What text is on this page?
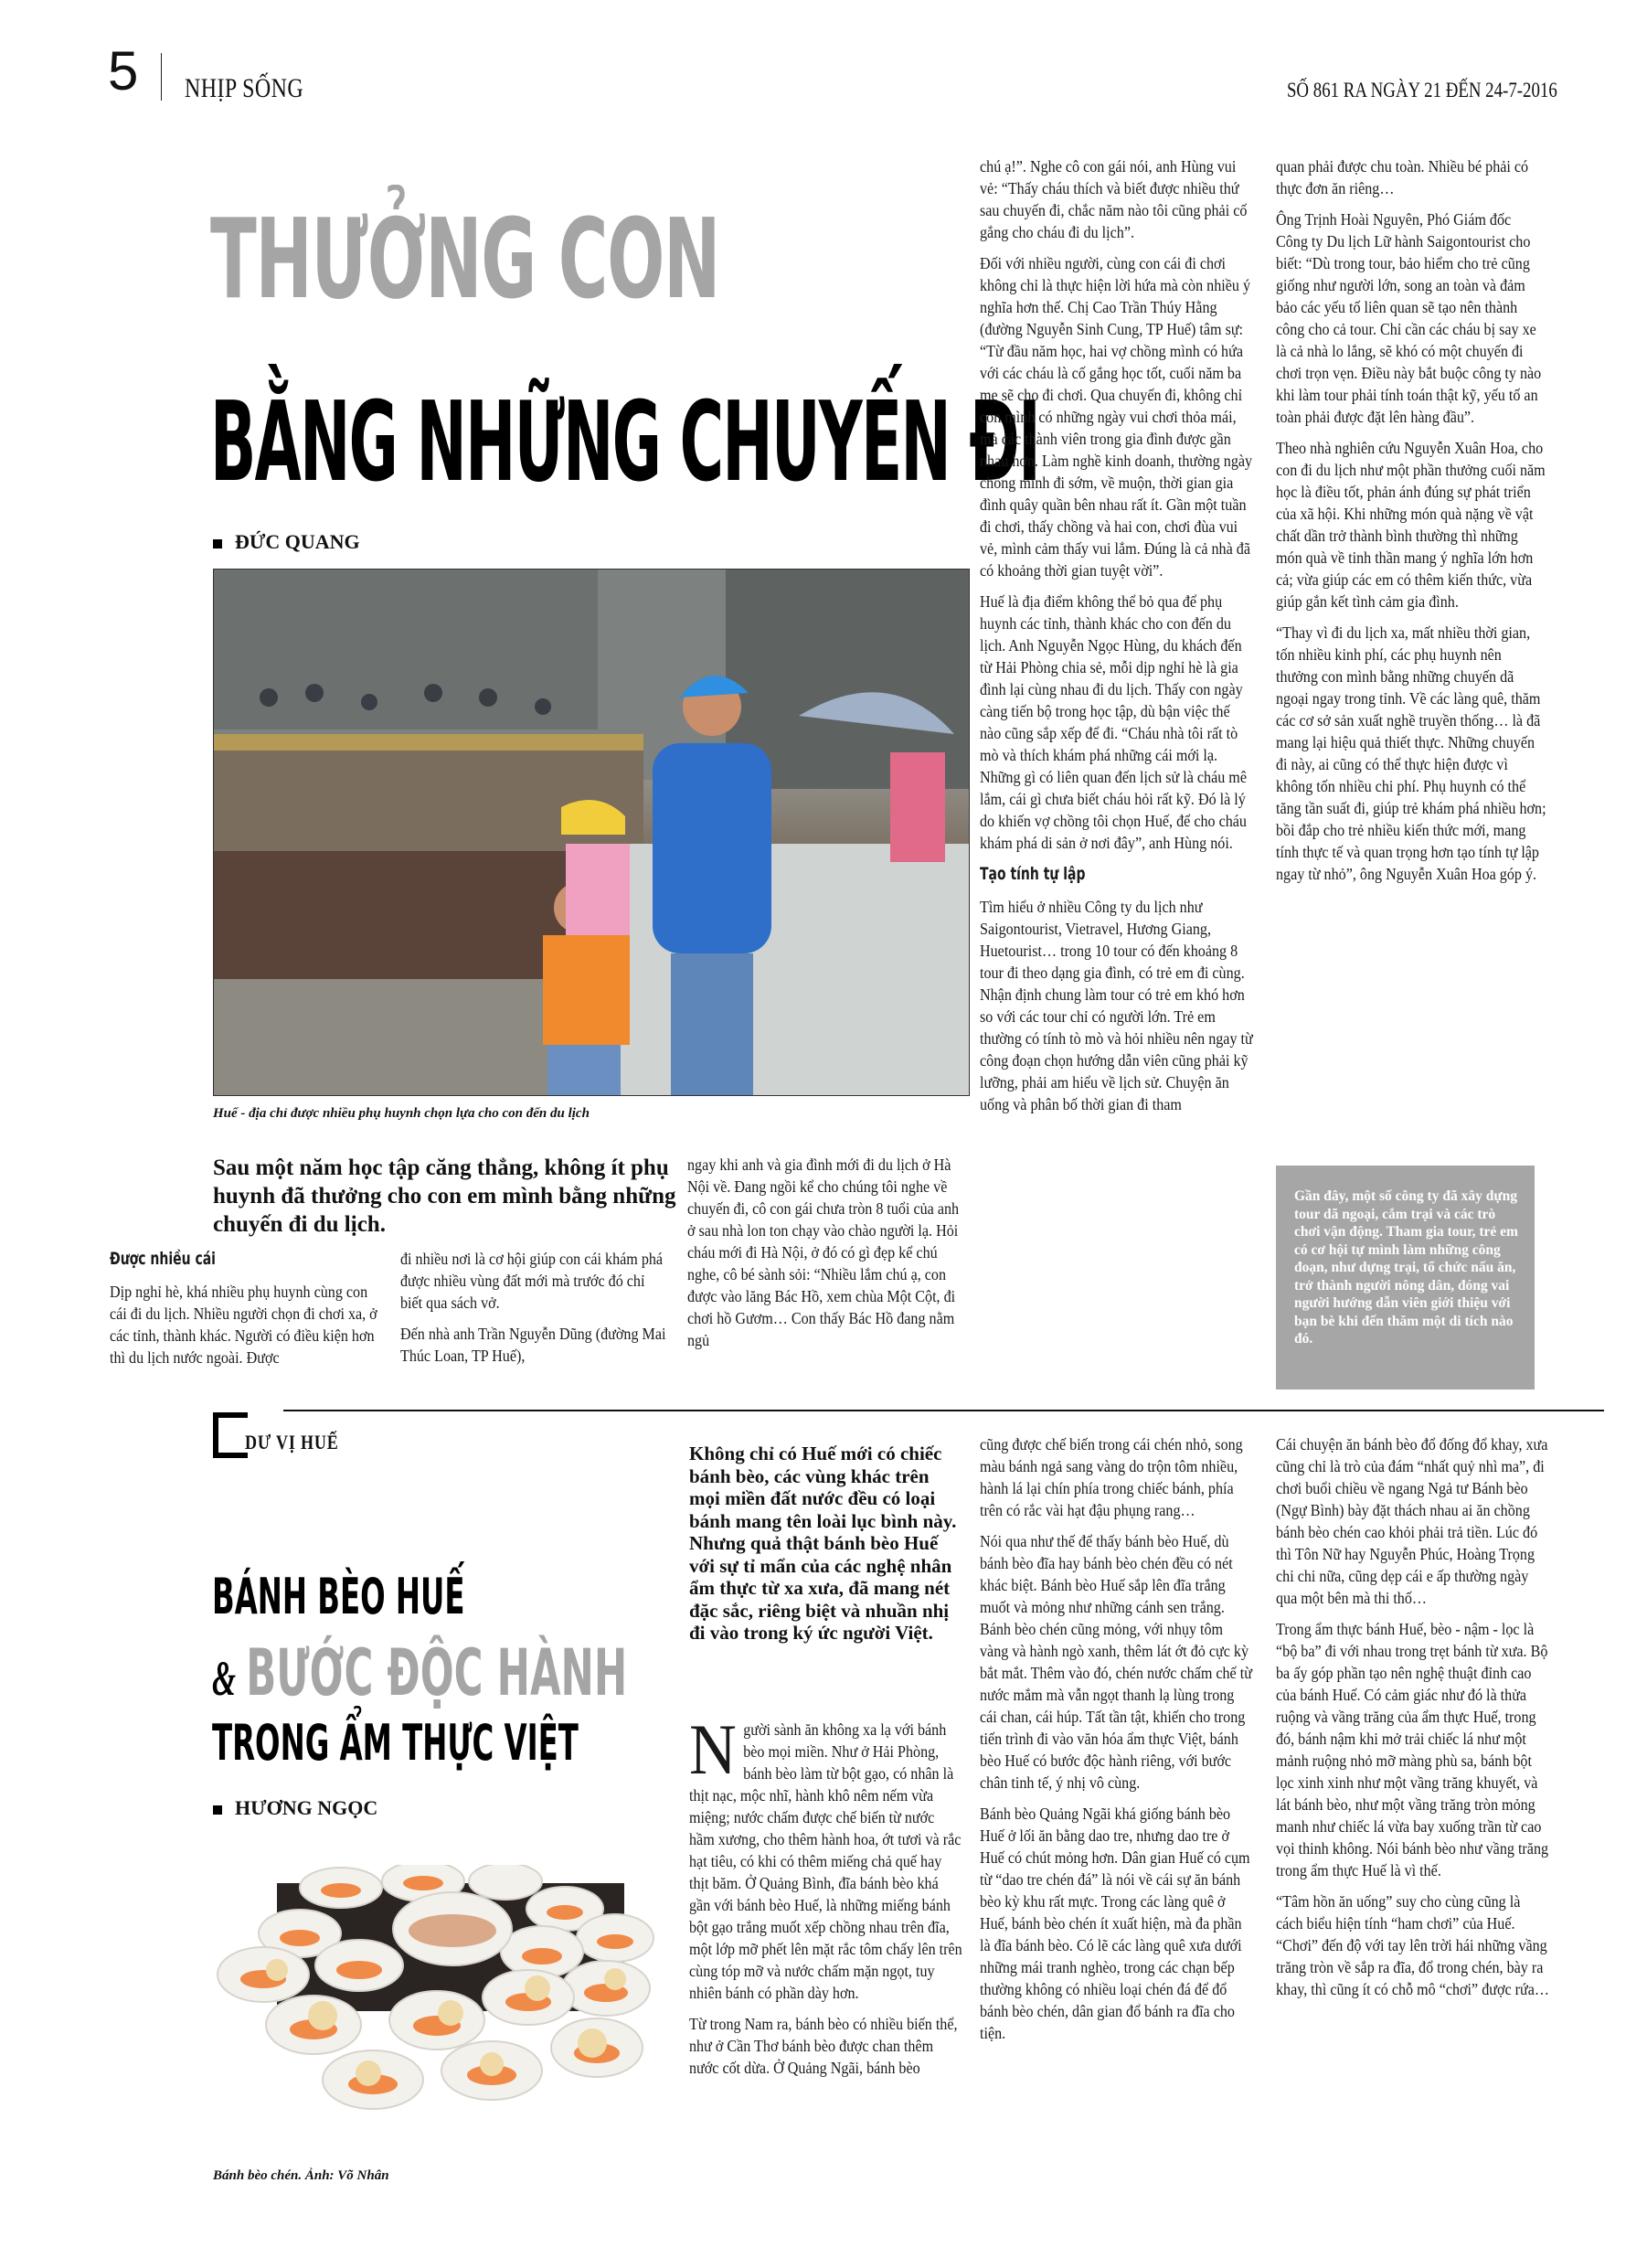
5 NHỊP SỐNG	SỐ 861 RA NGÀY 21 ĐẾN 24-7-2016
THƯỞNG CON
BẰNG NHỮNG CHUYẾN ĐI
ĐỨC QUANG
Huế - địa chỉ được nhiều phụ huynh chọn lựa cho con đến du lịch
Sau một năm học tập căng thẳng, không ít phụ huynh đã thưởng cho con em mình bằng những chuyến đi du lịch.
Được nhiều cái

Dịp nghỉ hè, khá nhiều phụ huynh cùng con cái đi du lịch. Nhiều người chọn đi chơi xa, ở các tỉnh, thành khác. Người có điều kiện hơn thì du lịch nước ngoài. Được

đi nhiều nơi là cơ hội giúp con cái khám phá được nhiều vùng đất mới mà trước đó chỉ biết qua sách vở.

Đến nhà anh Trần Nguyễn Dũng (đường Mai Thúc Loan, TP Huế),

ngay khi anh và gia đình mới đi du lịch ở Hà Nội về. Đang ngồi kể cho chúng tôi nghe về chuyến đi, cô con gái chưa tròn 8 tuổi của anh ở sau nhà lon ton chạy vào chào người lạ. Hỏi cháu mới đi Hà Nội, ở đó có gì đẹp kể chú nghe, cô bé sành sỏi: “Nhiều lắm chú ạ, con được vào lăng Bác Hồ, xem chùa Một Cột, đi chơi hồ Gươm… Con thấy Bác Hồ đang nằm ngủ

chú ạ!”. Nghe cô con gái nói, anh Hùng vui vẻ: “Thấy cháu thích và biết được nhiều thứ sau chuyến đi, chắc năm nào tôi cũng phải cố gắng cho cháu đi du lịch”.

Đối với nhiều người, cùng con cái đi chơi không chỉ là thực hiện lời hứa mà còn nhiều ý nghĩa hơn thế. Chị Cao Trần Thúy Hằng (đường Nguyễn Sinh Cung, TP Huế) tâm sự: “Từ đầu năm học, hai vợ chồng mình có hứa với các cháu là cố gắng học tốt, cuối năm ba mẹ sẽ cho đi chơi. Qua chuyến đi, không chỉ con mình có những ngày vui chơi thỏa mái, mà các thành viên trong gia đình được gần nhau hơn. Làm nghề kinh doanh, thường ngày chồng mình đi sớm, về muộn, thời gian gia đình quây quần bên nhau rất ít. Gần một tuần đi chơi, thấy chồng và hai con, chơi đùa vui vẻ, mình cảm thấy vui lắm. Đúng là cả nhà đã có khoảng thời gian tuyệt vời”.

Huế là địa điểm không thể bỏ qua để phụ huynh các tỉnh, thành khác cho con đến du lịch. Anh Nguyễn Ngọc Hùng, du khách đến từ Hải Phòng chia sẻ, mỗi dịp nghỉ hè là gia đình lại cùng nhau đi du lịch. Thấy con ngày càng tiến bộ trong học tập, dù bận việc thế nào cũng sắp xếp để đi. “Cháu nhà tôi rất tò mò và thích khám phá những cái mới lạ. Những gì có liên quan đến lịch sử là cháu mê lắm, cái gì chưa biết cháu hỏi rất kỹ. Đó là lý do khiến vợ chồng tôi chọn Huế, để cho cháu khám phá di sản ở nơi đây”, anh Hùng nói.

Tạo tính tự lập

Tìm hiểu ở nhiều Công ty du lịch như Saigontourist, Vietravel, Hương Giang, Huetourist… trong 10 tour có đến khoảng 8 tour đi theo dạng gia đình, có trẻ em đi cùng. Nhận định chung làm tour có trẻ em khó hơn so với các tour chỉ có người lớn. Trẻ em thường có tính tò mò và hỏi nhiều nên ngay từ công đoạn chọn hướng dẫn viên cũng phải kỹ lưỡng, phải am hiểu về lịch sử. Chuyện ăn uống và phân bố thời gian đi tham

quan phải được chu toàn. Nhiều bé phải có thực đơn ăn riêng…

Ông Trịnh Hoài Nguyên, Phó Giám đốc Công ty Du lịch Lữ hành Saigontourist cho biết: “Dù trong tour, bảo hiểm cho trẻ cũng giống như người lớn, song an toàn và đảm bảo các yếu tố liên quan sẽ tạo nên thành công cho cả tour. Chỉ cần các cháu bị say xe là cả nhà lo lắng, sẽ khó có một chuyến đi chơi trọn vẹn. Điều này bắt buộc công ty nào khi làm tour phải tính toán thật kỹ, yếu tố an toàn phải được đặt lên hàng đầu”.

Theo nhà nghiên cứu Nguyễn Xuân Hoa, cho con đi du lịch như một phần thưởng cuối năm học là điều tốt, phản ánh đúng sự phát triển của xã hội. Khi những món quà nặng về vật chất dần trở thành bình thường thì những món quà về tinh thần mang ý nghĩa lớn hơn cả; vừa giúp các em có thêm kiến thức, vừa giúp gắn kết tình cảm gia đình.

“Thay vì đi du lịch xa, mất nhiều thời gian, tốn nhiều kinh phí, các phụ huynh nên thưởng con mình bằng những chuyến dã ngoại ngay trong tỉnh. Về các làng quê, thăm các cơ sở sản xuất nghề truyền thống… là đã mang lại hiệu quả thiết thực. Những chuyến đi này, ai cũng có thể thực hiện được vì không tốn nhiều chi phí. Phụ huynh có thể tăng tần suất đi, giúp trẻ khám phá nhiều hơn; bồi đắp cho trẻ nhiều kiến thức mới, mang tính thực tế và quan trọng hơn tạo tính tự lập ngay từ nhỏ”, ông Nguyễn Xuân Hoa góp ý.

Gần đây, một số công ty đã xây dựng tour dã ngoại, cắm trại và các trò chơi vận động. Tham gia tour, trẻ em có cơ hội tự mình làm những công đoạn, như dựng trại, tổ chức nấu ăn, trở thành người nông dân, đóng vai người hướng dẫn viên giới thiệu với bạn bè khi đến thăm một di tích nào đó.
DƯ VỊ HUẾ
BÁNH BÈO HUẾ
& BƯỚC ĐỘC HÀNH
TRONG ẨM THỰC VIỆT
HƯƠNG NGỌC
Bánh bèo chén. Ảnh: Võ Nhân
Không chỉ có Huế mới có chiếc bánh bèo, các vùng khác trên mọi miền đất nước đều có loại bánh mang tên loài lục bình này. Nhưng quả thật bánh bèo Huế với sự tỉ mẩn của các nghệ nhân ẩm thực từ xa xưa, đã mang nét đặc sắc, riêng biệt và nhuần nhị đi vào trong ký ức người Việt.

Người sành ăn không xa lạ với bánh bèo mọi miền. Như ở Hải Phòng, bánh bèo làm từ bột gạo, có nhân là thịt nạc, mộc nhĩ, hành khô nêm nếm vừa miệng; nước chấm được chế biến từ nước hầm xương, cho thêm hành hoa, ớt tươi và rắc hạt tiêu, có khi có thêm miếng chả quế hay thịt băm. Ở Quảng Bình, đĩa bánh bèo khá gần với bánh bèo Huế, là những miếng bánh bột gạo trắng muốt xếp chồng nhau trên đĩa, một lớp mỡ phết lên mặt rắc tôm chấy lên trên cùng tóp mỡ và nước chấm mặn ngọt, tuy nhiên bánh có phần dày hơn.

Từ trong Nam ra, bánh bèo có nhiều biến thể, như ở Cần Thơ bánh bèo được chan thêm nước cốt dừa. Ở Quảng Ngãi, bánh bèo

cũng được chế biến trong cái chén nhỏ, song màu bánh ngả sang vàng do trộn tôm nhiều, hành lá lại chín phía trong chiếc bánh, phía trên có rắc vài hạt đậu phụng rang…

Nói qua như thế để thấy bánh bèo Huế, dù bánh bèo đĩa hay bánh bèo chén đều có nét khác biệt. Bánh bèo Huế sắp lên đĩa trắng muốt và mỏng như những cánh sen trắng. Bánh bèo chén cũng mỏng, với nhụy tôm vàng và hành ngò xanh, thêm lát ớt đỏ cực kỳ bắt mắt. Thêm vào đó, chén nước chấm chế từ nước mắm mà vẫn ngọt thanh lạ lùng trong cái chan, cái húp. Tất tần tật, khiến cho trong tiến trình đi vào văn hóa ẩm thực Việt, bánh bèo Huế có bước độc hành riêng, với bước chân tinh tế, ý nhị vô cùng.

Bánh bèo Quảng Ngãi khá giống bánh bèo Huế ở lối ăn bằng dao tre, nhưng dao tre ở Huế có chút mỏng hơn. Dân gian Huế có cụm từ “dao tre chén đá” là nói về cái sự ăn bánh bèo kỳ khu rất mực. Trong các làng quê ở Huế, bánh bèo chén ít xuất hiện, mà đa phần là đĩa bánh bèo. Có lẽ các làng quê xưa dưới những mái tranh nghèo, trong các chạn bếp thường không có nhiều loại chén đá để đổ bánh bèo chén, dân gian đổ bánh ra đĩa cho tiện.

Cái chuyện ăn bánh bèo đổ đống đổ khay, xưa cũng chỉ là trò của đám “nhất quỷ nhì ma”, đi chơi buổi chiều về ngang Ngả tư Bánh bèo (Ngự Bình) bày đặt thách nhau ai ăn chồng bánh bèo chén cao khỏi phải trả tiền. Lúc đó thì Tôn Nữ hay Nguyễn Phúc, Hoàng Trọng chi chi nữa, cũng dẹp cái e ấp thường ngày qua một bên mà thi thố…

Trong ẩm thực bánh Huế, bèo - nậm - lọc là “bộ ba” đi với nhau trong trẹt bánh từ xưa. Bộ ba ấy góp phần tạo nên nghệ thuật đỉnh cao của bánh Huế. Có cảm giác như đó là thửa ruộng và vầng trăng của ẩm thực Huế, trong đó, bánh nậm khi mở trải chiếc lá như một mảnh ruộng nhỏ mỡ màng phù sa, bánh bột lọc xinh xinh như một vầng trăng khuyết, và lát bánh bèo, như một vầng trăng tròn mỏng manh như chiếc lá vừa bay xuống trần từ cao vọi thinh không. Nói bánh bèo như vầng trăng trong ẩm thực Huế là vì thế.

“Tâm hồn ăn uống” suy cho cùng cũng là cách biểu hiện tính “ham chơi” của Huế. “Chơi” đến độ với tay lên trời hái những vầng trăng tròn về sắp ra đĩa, đổ trong chén, bày ra khay, thì cũng ít có chỗ mô “chơi” được rứa…
